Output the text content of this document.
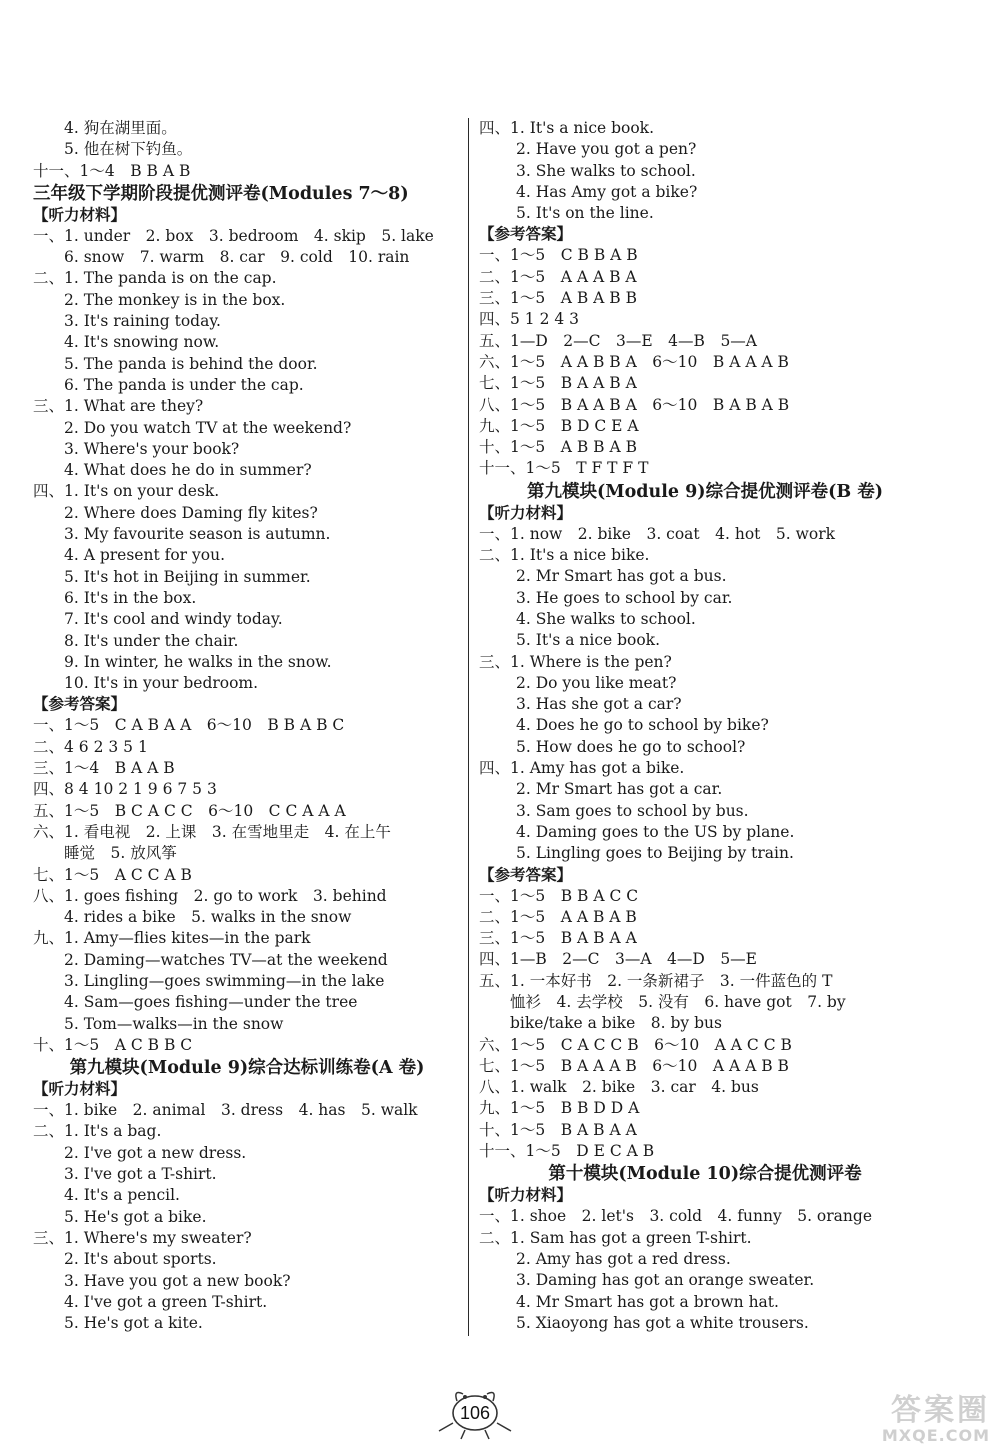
4. 狗在湖里面。
5. 他在树下钓鱼。
十一、1～4　B B A B
三年级下学期阶段提优测评卷(Modules 7～8)
【听力材料】
一、1. under　2. box　3. bedroom　4. skip　5. lake
6. snow　7. warm　8. car　9. cold　10. rain
二、1. The panda is on the cap.
2. The monkey is in the box.
3. It's raining today.
4. It's snowing now.
5. The panda is behind the door.
6. The panda is under the cap.
三、1. What are they?
2. Do you watch TV at the weekend?
3. Where's your book?
4. What does he do in summer?
四、1. It's on your desk.
2. Where does Daming fly kites?
3. My favourite season is autumn.
4. A present for you.
5. It's hot in Beijing in summer.
6. It's in the box.
7. It's cool and windy today.
8. It's under the chair.
9. In winter, he walks in the snow.
10. It's in your bedroom.
【参考答案】
一、1～5　C A B A A　6～10　B B A B C
二、4 6 2 3 5 1
三、1～4　B A A B
四、8 4 10 2 1 9 6 7 5 3
五、1～5　B C A C C　6～10　C C A A A
六、1. 看电视　2. 上课　3. 在雪地里走　4. 在上午
睡觉　5. 放风筝
七、1～5　A C C A B
八、1. goes fishing　2. go to work　3. behind
4. rides a bike　5. walks in the snow
九、1. Amy—flies kites—in the park
2. Daming—watches TV—at the weekend
3. Lingling—goes swimming—in the lake
4. Sam—goes fishing—under the tree
5. Tom—walks—in the snow
十、1～5　A C B B C
第九模块(Module 9)综合达标训练卷(A 卷)
【听力材料】
一、1. bike　2. animal　3. dress　4. has　5. walk
二、1. It's a bag.
2. I've got a new dress.
3. I've got a T-shirt.
4. It's a pencil.
5. He's got a bike.
三、1. Where's my sweater?
2. It's about sports.
3. Have you got a new book?
4. I've got a green T-shirt.
5. He's got a kite.
四、1. It's a nice book.
2. Have you got a pen?
3. She walks to school.
4. Has Amy got a bike?
5. It's on the line.
【参考答案】
一、1～5　C B B A B
二、1～5　A A A B A
三、1～5　A B A B B
四、5 1 2 4 3
五、1—D　2—C　3—E　4—B　5—A
六、1～5　A A B B A　6～10　B A A A B
七、1～5　B A A B A
八、1～5　B A A B A　6～10　B A B A B
九、1～5　B D C E A
十、1～5　A B B A B
十一、1～5　T F T F T
第九模块(Module 9)综合提优测评卷(B 卷)
【听力材料】
一、1. now　2. bike　3. coat　4. hot　5. work
二、1. It's a nice bike.
2. Mr Smart has got a bus.
3. He goes to school by car.
4. She walks to school.
5. It's a nice book.
三、1. Where is the pen?
2. Do you like meat?
3. Has she got a car?
4. Does he go to school by bike?
5. How does he go to school?
四、1. Amy has got a bike.
2. Mr Smart has got a car.
3. Sam goes to school by bus.
4. Daming goes to the US by plane.
5. Lingling goes to Beijing by train.
【参考答案】
一、1～5　B B A C C
二、1～5　A A B A B
三、1～5　B A B A A
四、1—B　2—C　3—A　4—D　5—E
五、1. 一本好书　2. 一条新裙子　3. 一件蓝色的 T
恤衫　4. 去学校　5. 没有　6. have got　7. by
bike/take a bike　8. by bus
六、1～5　C A C C B　6～10　A A C C B
七、1～5　B A A A B　6～10　A A A B B
八、1. walk　2. bike　3. car　4. bus
九、1～5　B B D D A
十、1～5　B A B A A
十一、1～5　D E C A B
第十模块(Module 10)综合提优测评卷
【听力材料】
一、1. shoe　2. let's　3. cold　4. funny　5. orange
二、1. Sam has got a green T-shirt.
2. Amy has got a red dress.
3. Daming has got an orange sweater.
4. Mr Smart has got a brown hat.
5. Xiaoyong has got a white trousers.
106	答案圈
MXQE.COM
